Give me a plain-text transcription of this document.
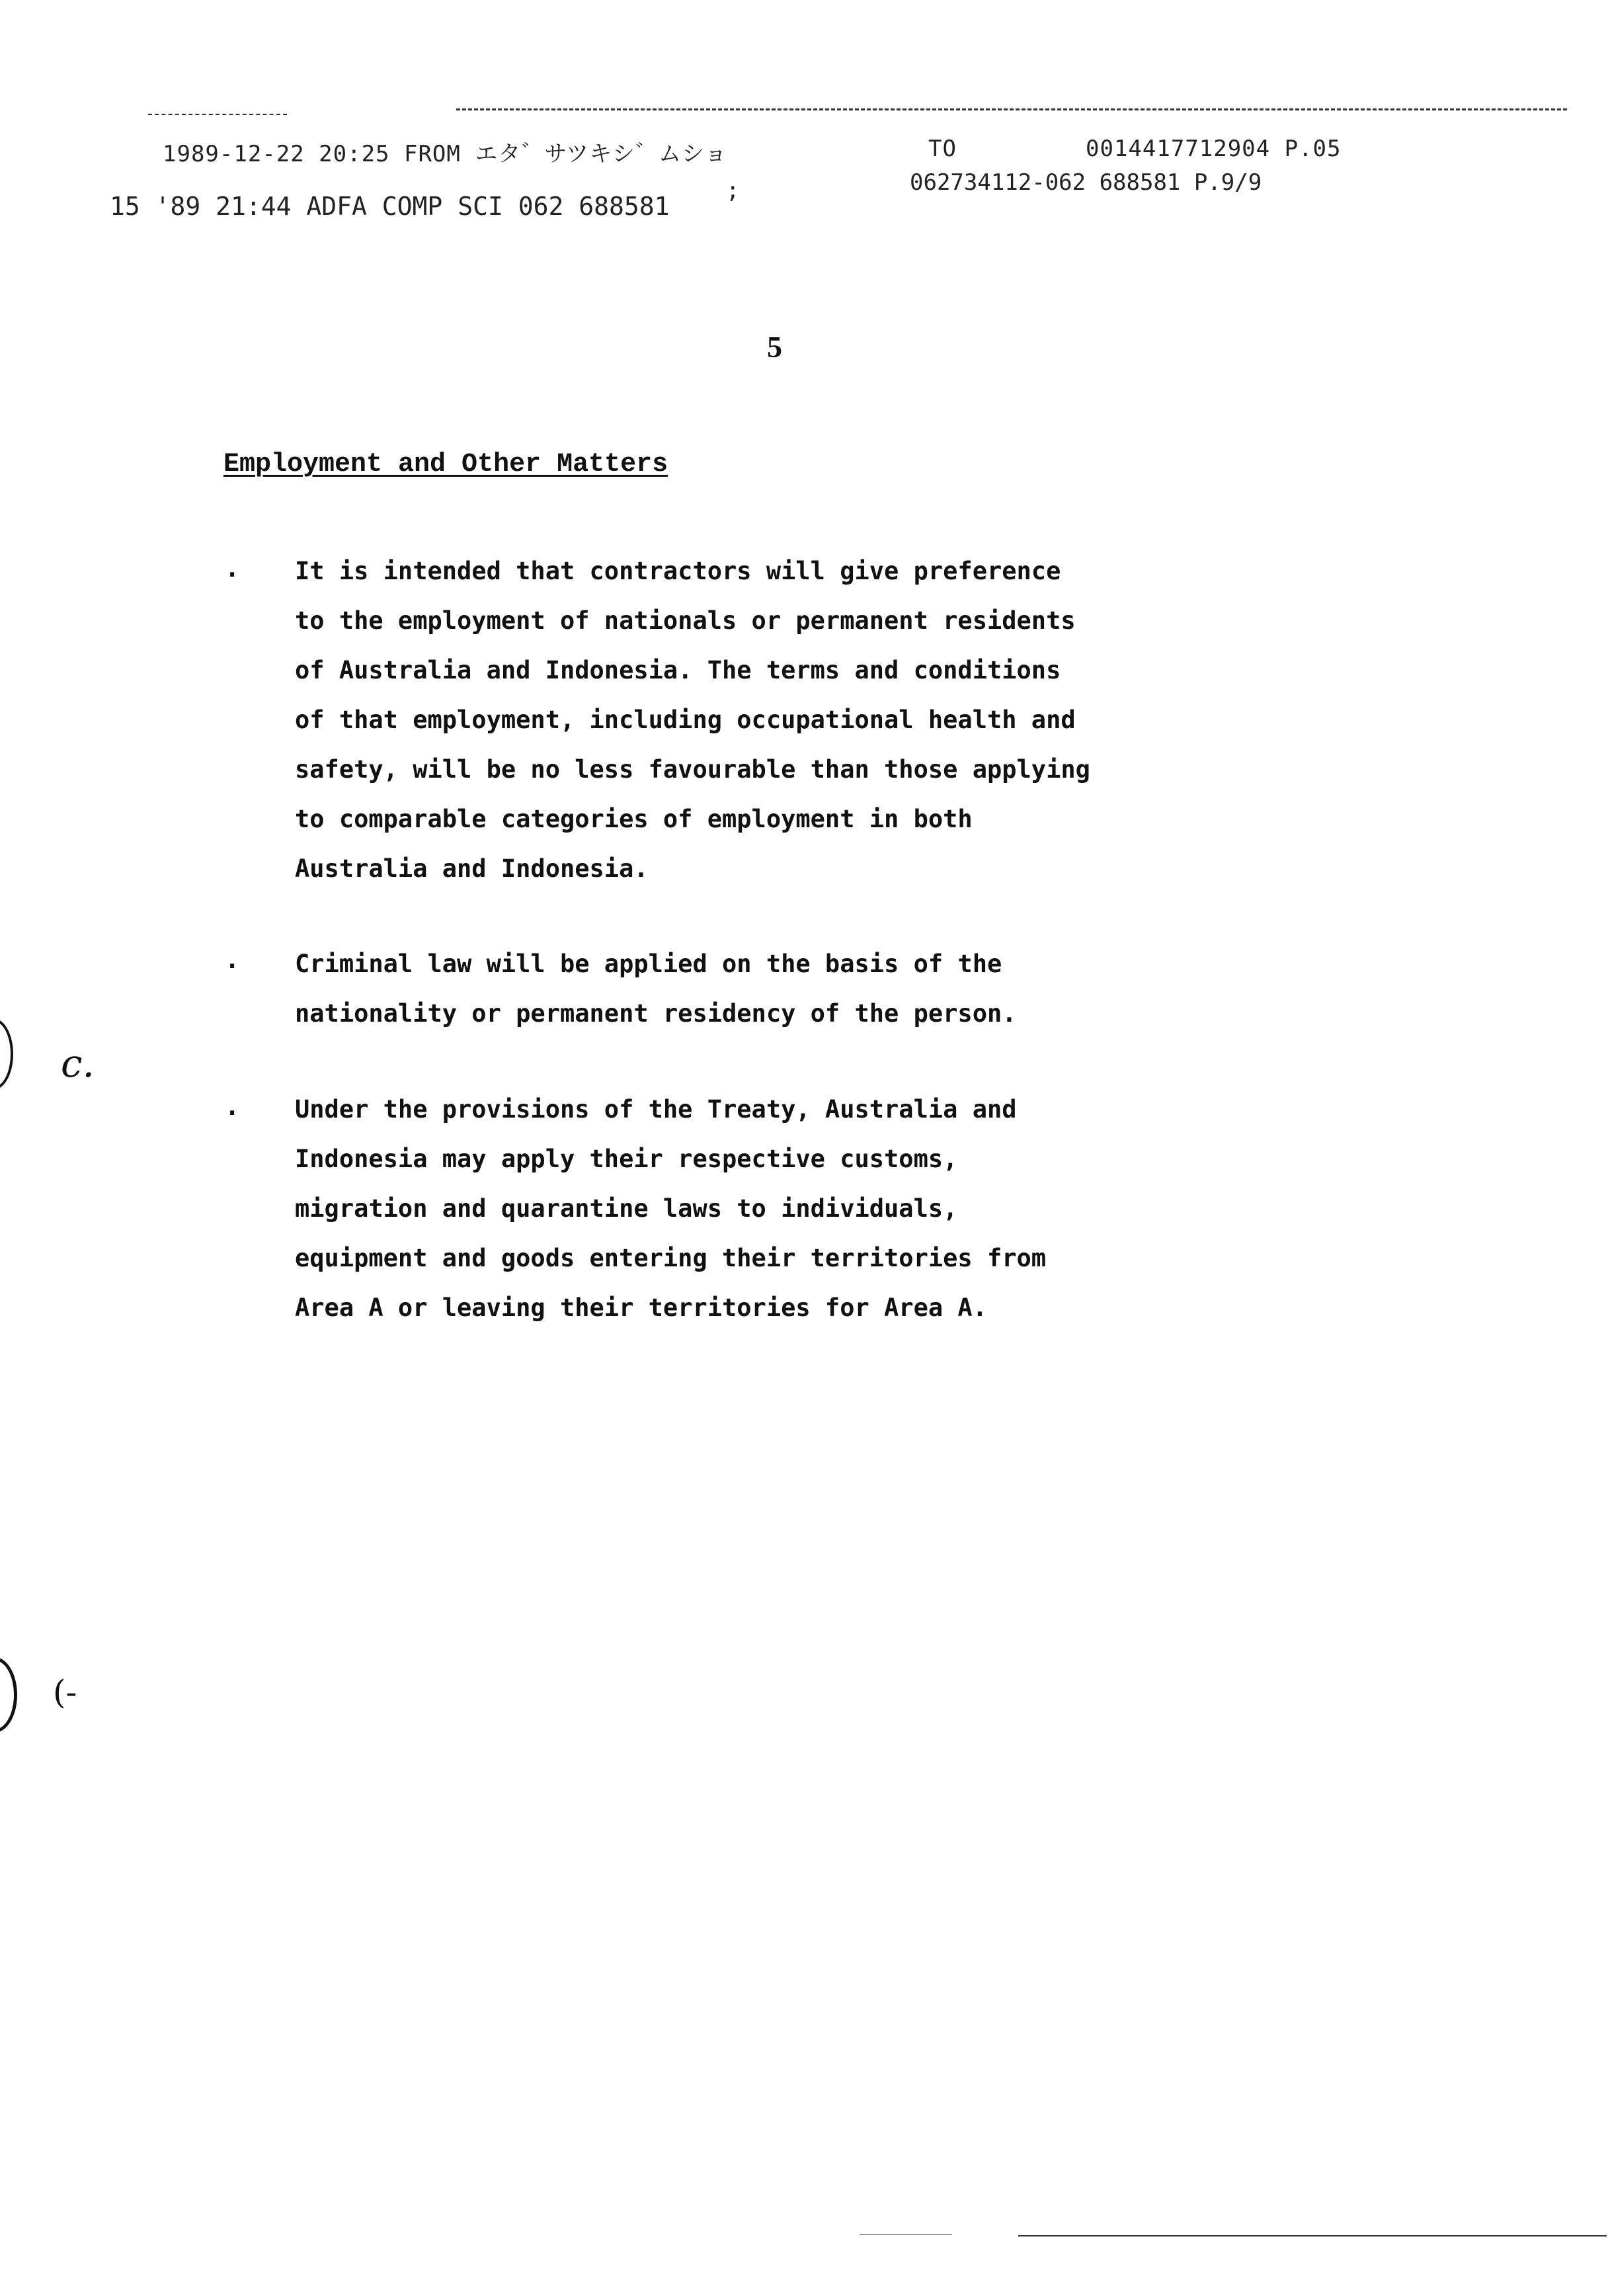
1989-12-22 20:25 FROM エタ゛サツキシ゛ムショ	TO	0014417712904 P.05
15 '89 21:44 ADFA COMP SCI 062 688581
;	062734112-062 688581 P.9/9
5
Employment and Other Matters
. It is intended that contractors will give preference
to the employment of nationals or permanent residents
of Australia and Indonesia. The terms and conditions
of that employment, including occupational health and
safety, will be no less favourable than those applying
to comparable categories of employment in both
Australia and Indonesia.
. Criminal law will be applied on the basis of the
nationality or permanent residency of the person.
. Under the provisions of the Treaty, Australia and
Indonesia may apply their respective customs,
migration and quarantine laws to individuals,
equipment and goods entering their territories from
Area A or leaving their territories for Area A.
c.
(-
